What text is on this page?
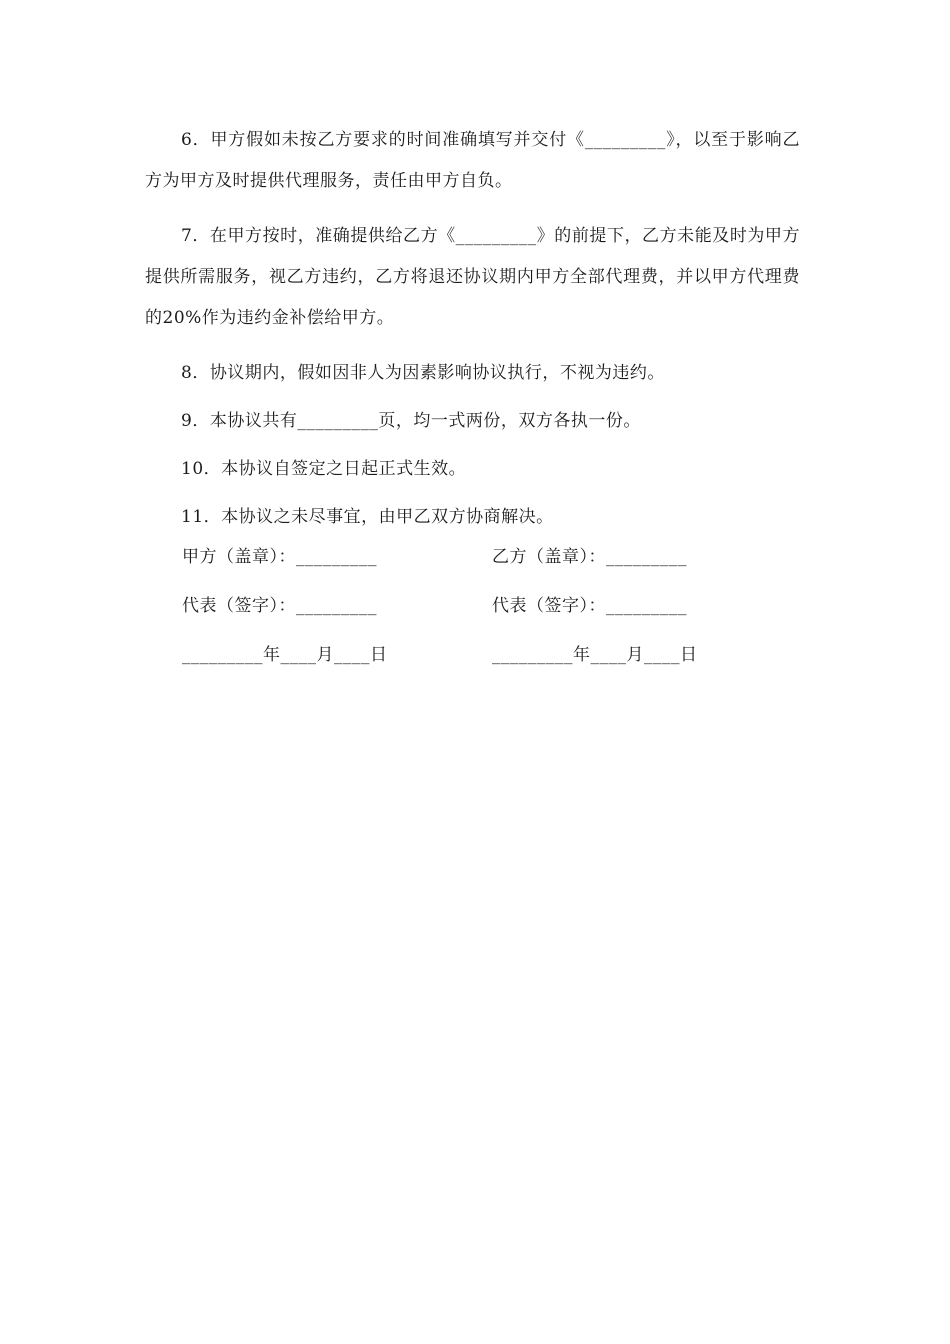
6．甲方假如未按乙方要求的时间准确填写并交付《_________》，以至于影响乙方为甲方及时提供代理服务，责任由甲方自负。

7．在甲方按时，准确提供给乙方《_________》的前提下，乙方未能及时为甲方提供所需服务，视乙方违约，乙方将退还协议期内甲方全部代理费，并以甲方代理费的20%作为违约金补偿给甲方。

8．协议期内，假如因非人为因素影响协议执行，不视为违约。

9．本协议共有_________页，均一式两份，双方各执一份。

10．本协议自签定之日起正式生效。

11．本协议之未尽事宜，由甲乙双方协商解决。

甲方（盖章）：_________	乙方（盖章）：_________
代表（签字）：_________	代表（签字）：_________
_________年____月____日	_________年____月____日
